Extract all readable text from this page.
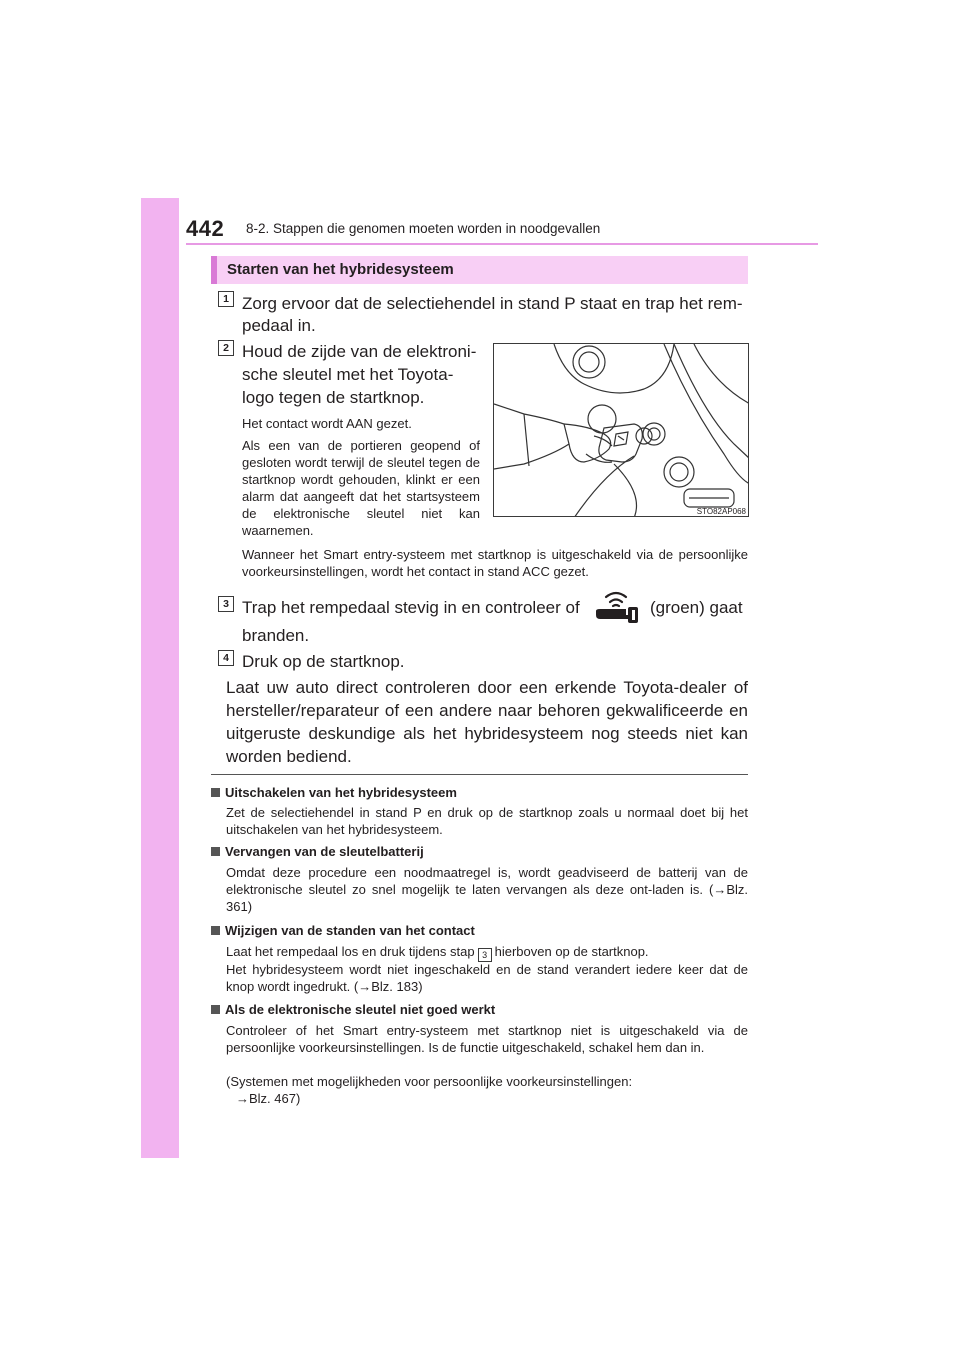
442 8-2. Stappen die genomen moeten worden in noodgevallen
Starten van het hybridesysteem
1 Zorg ervoor dat de selectiehendel in stand P staat en trap het rem-
pedaal in.
2 Houd de zijde van de elektroni-
sche sleutel met het Toyota-
logo tegen de startknop.
Het contact wordt AAN gezet.
Als een van de portieren geopend of gesloten wordt terwijl de sleutel tegen de startknop wordt gehouden, klinkt er een alarm dat aangeeft dat het startsysteem de elektronische sleutel niet kan waarnemen.
Wanneer het Smart entry-systeem met startknop is uitgeschakeld via de persoonlijke voorkeursinstellingen, wordt het contact in stand ACC gezet.
STO82AP068
3 Trap het rempedaal stevig in en controleer of	(groen) gaat
branden.
4 Druk op de startknop.
Laat uw auto direct controleren door een erkende Toyota-dealer of hersteller/reparateur of een andere naar behoren gekwalificeerde en uitgeruste deskundige als het hybridesysteem nog steeds niet kan worden bediend.
Uitschakelen van het hybridesysteem
Zet de selectiehendel in stand P en druk op de startknop zoals u normaal doet bij het uitschakelen van het hybridesysteem.
Vervangen van de sleutelbatterij
Omdat deze procedure een noodmaatregel is, wordt geadviseerd de batterij van de elektronische sleutel zo snel mogelijk te laten vervangen als deze ont-laden is. (→Blz. 361)
Wijzigen van de standen van het contact
Laat het rempedaal los en druk tijdens stap 3 hierboven op de startknop.
Het hybridesysteem wordt niet ingeschakeld en de stand verandert iedere keer dat de knop wordt ingedrukt. (→Blz. 183)
Als de elektronische sleutel niet goed werkt
Controleer of het Smart entry-systeem met startknop niet is uitgeschakeld via de persoonlijke voorkeursinstellingen. Is de functie uitgeschakeld, schakel hem dan in.
(Systemen met mogelijkheden voor persoonlijke voorkeursinstellingen:
→Blz. 467)
